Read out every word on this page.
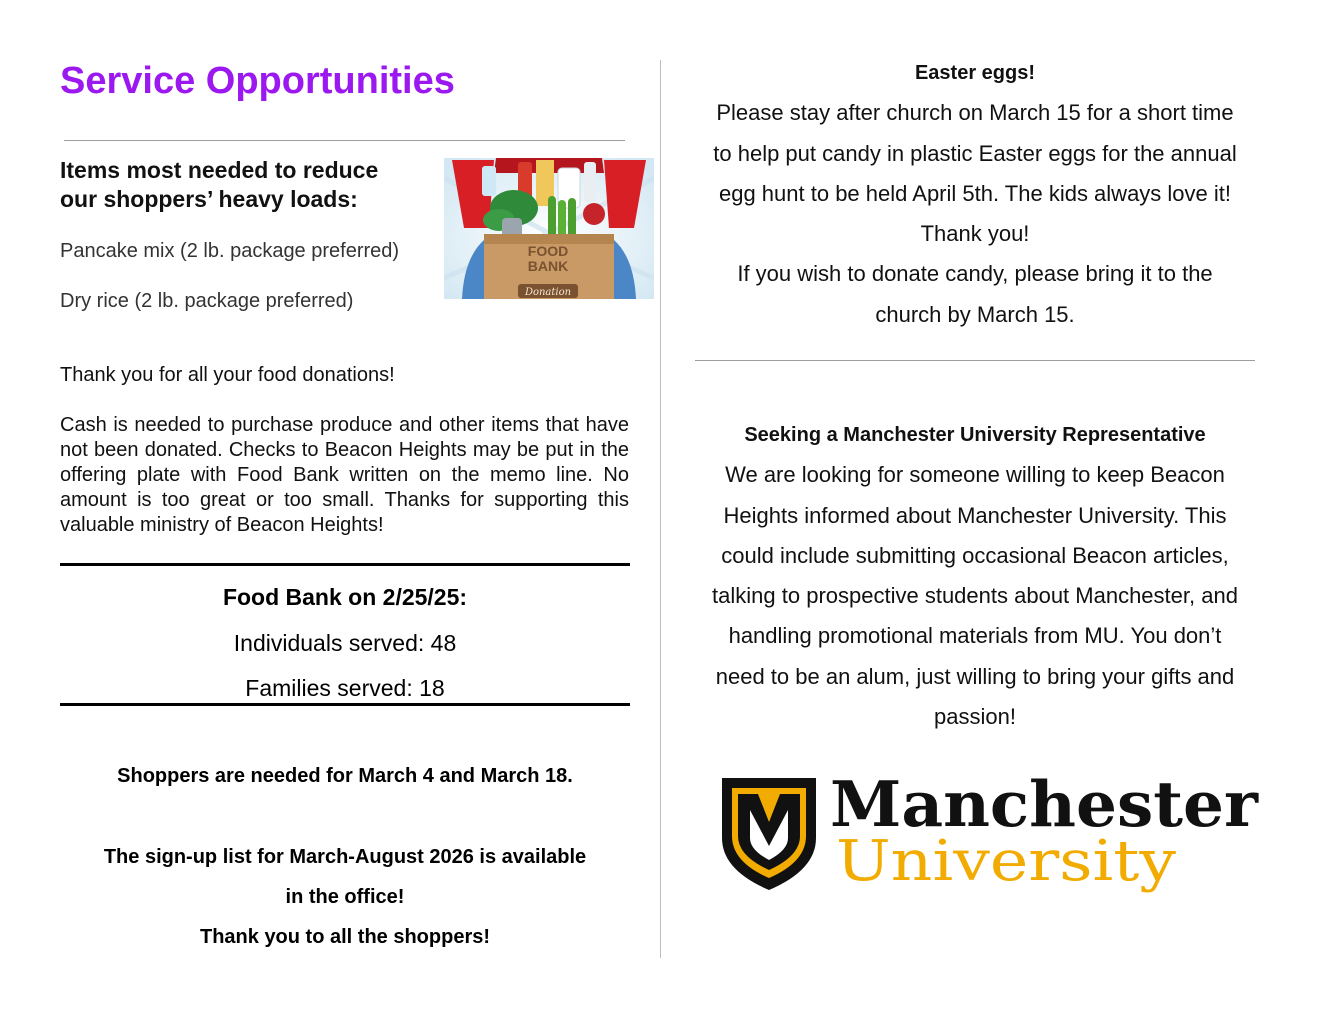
Service Opportunities
Items most needed to reduce
our shoppers’ heavy loads:
Pancake mix (2 lb. package preferred)
Dry rice (2 lb. package preferred)	Donation
FOOD
BANK
Thank you for all your food donations!
Cash is needed to purchase produce and other items that have not been donated. Checks to Beacon Heights may be put in the offering plate with Food Bank written on the memo line. No amount is too great or too small. Thanks for supporting this valuable ministry of Beacon Heights!
Food Bank on 2/25/25:
Individuals served: 48
Families served: 18
Shoppers are needed for March 4 and March 18.
The sign-up list for March-August 2026 is available
in the office!
Thank you to all the shoppers!
Easter eggs!
Please stay after church on March 15 for a short time
to help put candy in plastic Easter eggs for the annual
egg hunt to be held April 5th. The kids always love it!
Thank you!
If you wish to donate candy, please bring it to the
church by March 15.
Seeking a Manchester University Representative
We are looking for someone willing to keep Beacon
Heights informed about Manchester University. This
could include submitting occasional Beacon articles,
talking to prospective students about Manchester, and
handling promotional materials from MU. You don’t
need to be an alum, just willing to bring your gifts and
passion!
Manchester
University
